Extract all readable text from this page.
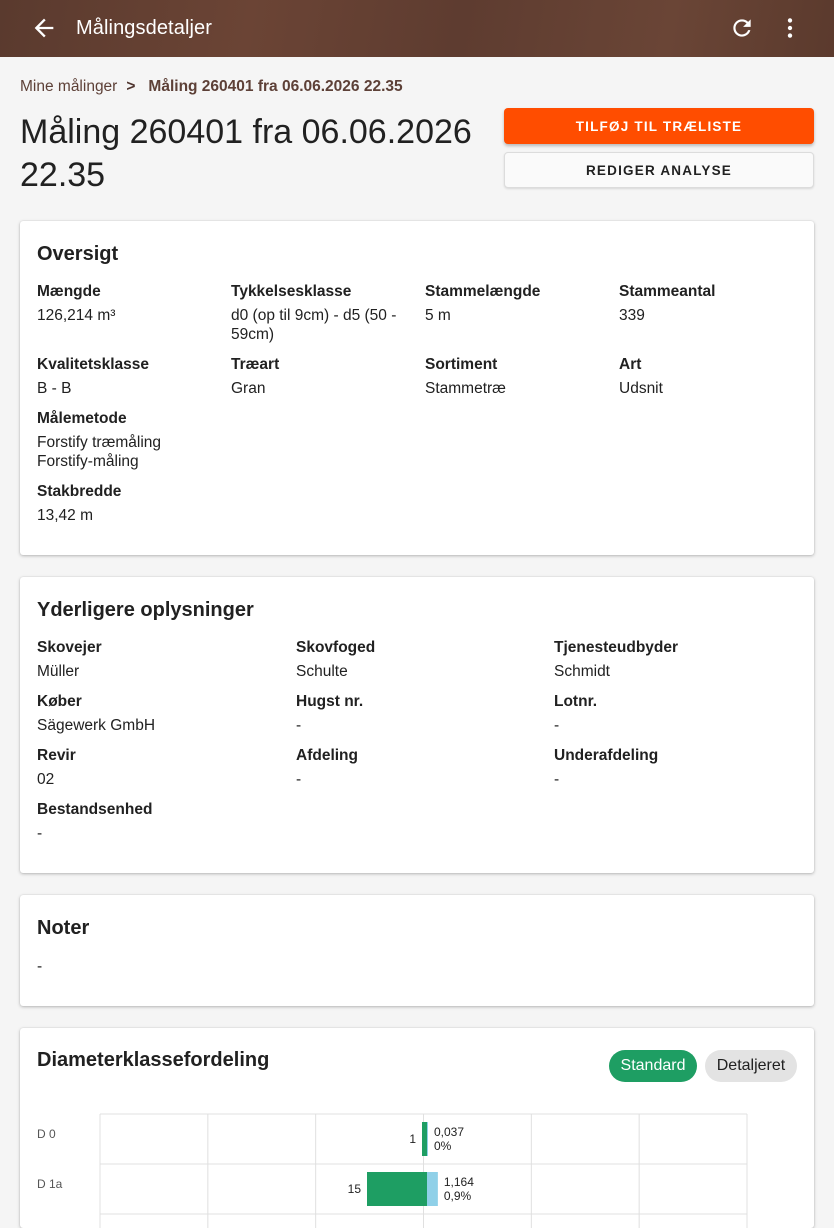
Målingsdetaljer
Mine målinger > Måling 260401 fra 06.06.2026 22.35
Måling 260401 fra 06.06.2026 22.35
TILFØJ TIL TRÆLISTE
REDIGER ANALYSE
Oversigt
Mængde
126,214 m³
Tykkelsesklasse
d0 (op til 9cm) - d5 (50 - 59cm)
Stammelængde
5 m
Stammeantal
339
Kvalitetsklasse
B - B
Træart
Gran
Sortiment
Stammetræ
Art
Udsnit
Målemetode
Forstify træmåling Forstify-måling
Stakbredde
13,42 m
Yderligere oplysninger
Skovejer
Müller
Skovfoged
Schulte
Tjenesteudbyder
Schmidt
Køber
Sägewerk GmbH
Hugst nr.
-
Lotnr.
-
Revir
02
Afdeling
-
Underafdeling
-
Bestandsenhed
-
Noter
-
Diameterklassefordeling	Standard	Detaljeret
D 0	1 0,037
0%
D 1a	15	1,164
0,9%
